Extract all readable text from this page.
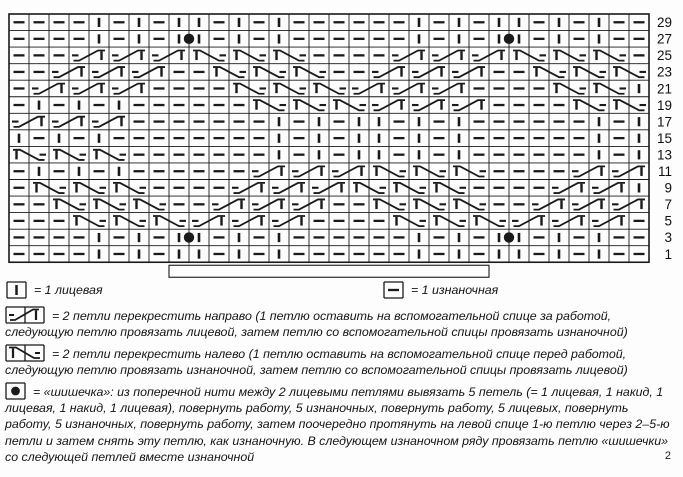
29
27
25
23
21
19
17
15
13
11
9
7
5
3
1
= 1 лицевая	= 1 изнаночная
= 2 петли перекрестить направо (1 петлю оставить на вспомогательной спице за работой, следующую петлю провязать лицевой, затем петлю со вспомогательной спицы провязать изнаночной)
= 2 петли перекрестить налево (1 петлю оставить на вспомогательной спице перед работой, следующую петлю провязать изнаночной, затем петлю со вспомогательной спицы провязать лицевой)
= «шишечка»: из поперечной нити между 2 лицевыми петлями вывязать 5 петель (= 1 лицевая, 1 накид, 1 лицевая, 1 накид, 1 лицевая), повернуть работу, 5 изнаночных, повернуть работу, 5 лицевых, повернуть работу, 5 изнаночных, повернуть работу, затем поочередно протянуть на левой спице 1-ю петлю через 2–5-ю петли и затем снять эту петлю, как изнаночную. В следующем изнаночном ряду провязать петлю «шишечки» со следующей петлей вместе изнаночной	2
